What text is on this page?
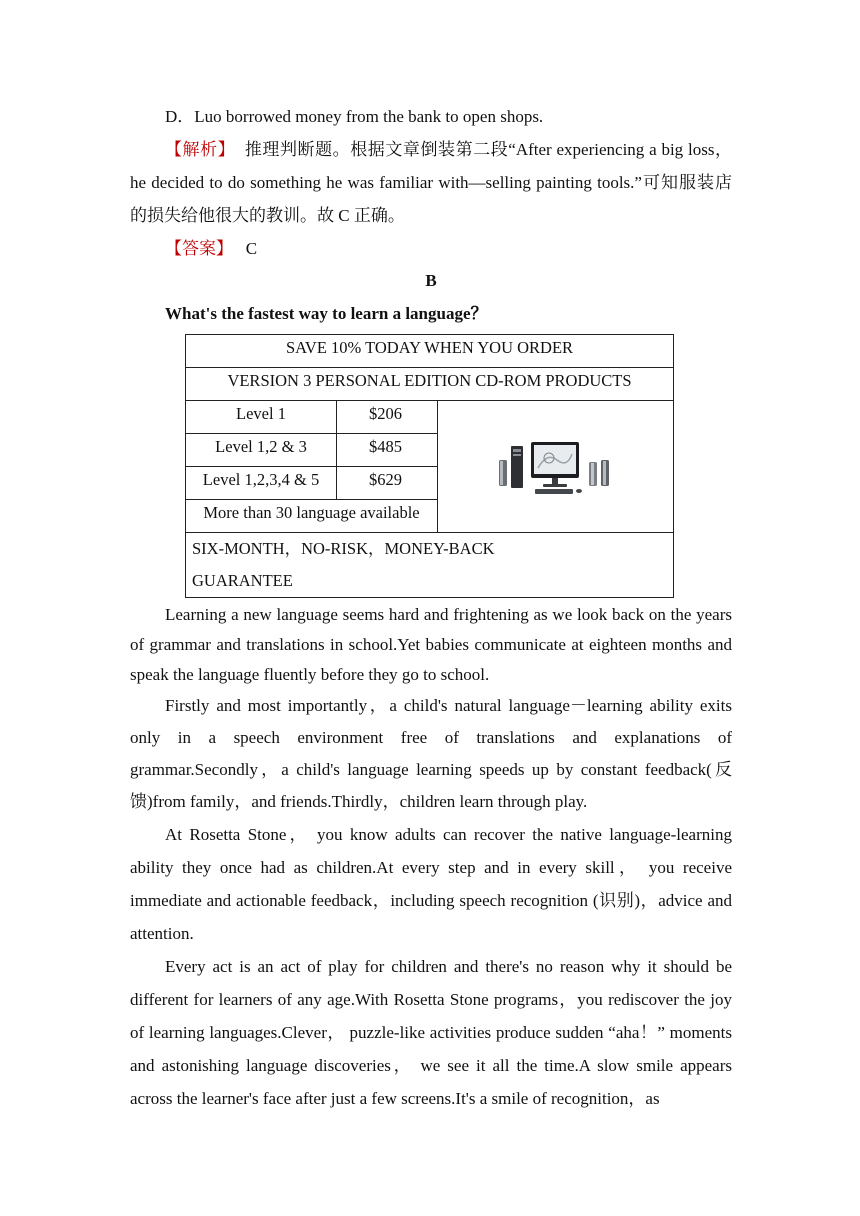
D．Luo borrowed money from the bank to open shops.

【解析】 推理判断题。根据文章倒装第二段“After experiencing a big loss， he decided to do something he was familiar with—selling painting tools.”可知服装店的损失给他很大的教训。故 C 正确。

【答案】 C

B

What's the fastest way to learn a language？

SAVE 10% TODAY WHEN YOU ORDER		
VERSION 3 PERSONAL EDITION CD-ROM PRODUCTS		
Level 1	$206	

Level 1,2 & 3	$485	
Level 1,2,3,4 & 5	$629	
More than 30 language available		

SIX-MONTH，NO-RISK，MONEY-BACK
GUARANTEE		

Learning a new language seems hard and frightening as we look back on the years of grammar and translations in school.Yet babies communicate at eighteen months and speak the language fluently before they go to school.

Firstly and most importantly，a child's natural language－learning ability exits only in a speech environment free of translations and explanations of grammar.Secondly，a child's language learning speeds up by constant feedback(反馈)from family，and friends.Thirdly，children learn through play.

At Rosetta Stone， you know adults can recover the native language-learning ability they once had as children.At every step and in every skill， you receive immediate and actionable feedback，including speech recognition (识别)，advice and attention.

Every act is an act of play for children and there's no reason why it should be different for learners of any age.With Rosetta Stone programs，you rediscover the joy of learning languages.Clever， puzzle-like activities produce sudden “aha！” moments and astonishing language discoveries， we see it all the time.A slow smile appears across the learner's face after just a few screens.It's a smile of recognition，as
